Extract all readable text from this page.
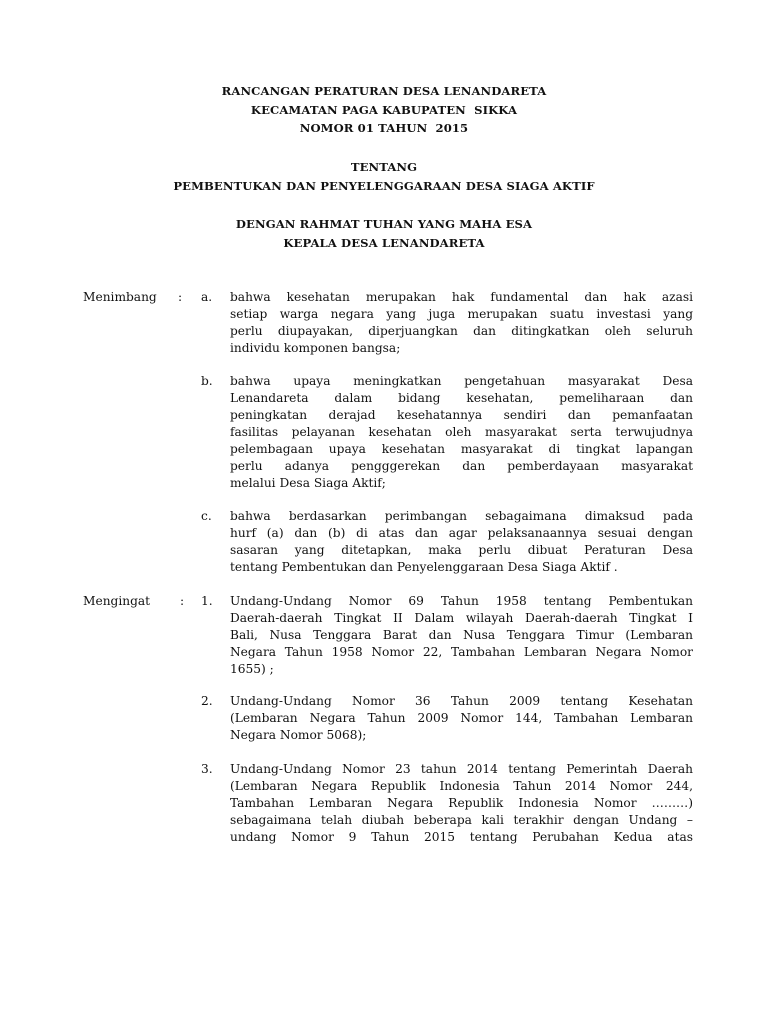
RANCANGAN PERATURAN DESA LENANDARETA
KECAMATAN PAGA KABUPATEN  SIKKA
NOMOR 01 TAHUN  2015
TENTANG
PEMBENTUKAN DAN PENYELENGGARAAN DESA SIAGA AKTIF
DENGAN RAHMAT TUHAN YANG MAHA ESA
KEPALA DESA LENANDARETA
Menimbang : a. bahwa kesehatan merupakan hak fundamental dan hak azasi
setiap warga negara yang juga merupakan suatu investasi yang
perlu diupayakan, diperjuangkan dan ditingkatkan oleh seluruh
individu komponen bangsa;
b. bahwa upaya meningkatkan pengetahuan masyarakat Desa
Lenandareta dalam bidang kesehatan, pemeliharaan dan
peningkatan derajad kesehatannya sendiri dan pemanfaatan
fasilitas pelayanan kesehatan oleh masyarakat serta terwujudnya
pelembagaan upaya kesehatan masyarakat di tingkat lapangan
perlu adanya pengggerekan dan pemberdayaan masyarakat
melalui Desa Siaga Aktif;
c. bahwa berdasarkan perimbangan sebagaimana dimaksud pada
hurf (a) dan (b) di atas dan agar pelaksanaannya sesuai dengan
sasaran yang ditetapkan, maka perlu dibuat Peraturan Desa
tentang Pembentukan dan Penyelenggaraan Desa Siaga Aktif .
Mengingat : 1. Undang-Undang Nomor 69 Tahun 1958 tentang Pembentukan
Daerah-daerah Tingkat II Dalam wilayah Daerah-daerah Tingkat I
Bali, Nusa Tenggara Barat dan Nusa Tenggara Timur (Lembaran
Negara Tahun 1958 Nomor 22, Tambahan Lembaran Negara Nomor
1655) ;
2. Undang-Undang Nomor 36 Tahun 2009 tentang Kesehatan
(Lembaran Negara Tahun 2009 Nomor 144, Tambahan Lembaran
Negara Nomor 5068);
3. Undang-Undang Nomor 23 tahun 2014 tentang Pemerintah Daerah
(Lembaran Negara Republik Indonesia Tahun 2014 Nomor 244,
Tambahan Lembaran Negara Republik Indonesia Nomor ………)
sebagaimana telah diubah beberapa kali terakhir dengan Undang –
undang Nomor 9 Tahun 2015 tentang Perubahan Kedua atas
